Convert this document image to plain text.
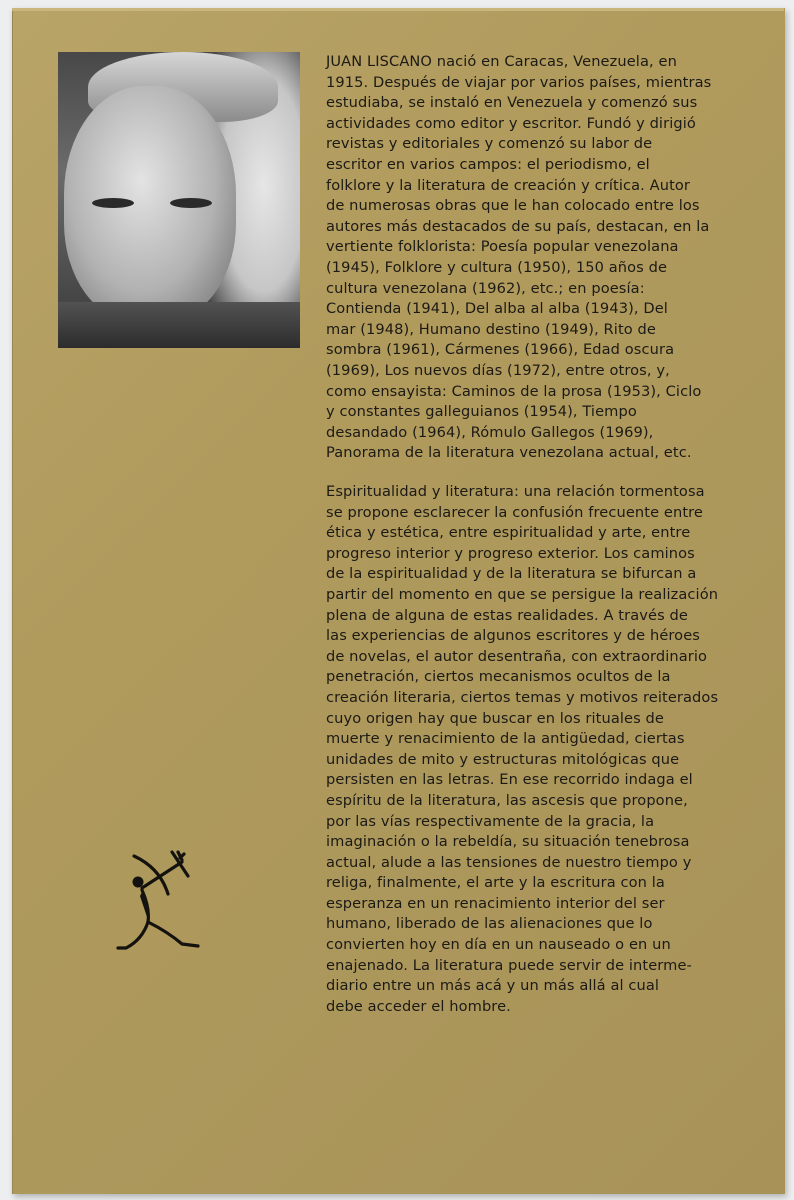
JUAN LISCANO nació en Caracas, Venezuela, en
1915. Después de viajar por varios países, mientras
estudiaba, se instaló en Venezuela y comenzó sus
actividades como editor y escritor. Fundó y dirigió
revistas y editoriales y comenzó su labor de
escritor en varios campos: el periodismo, el
folklore y la literatura de creación y crítica. Autor
de numerosas obras que le han colocado entre los
autores más destacados de su país, destacan, en la
vertiente folklorista: Poesía popular venezolana
(1945), Folklore y cultura (1950), 150 años de
cultura venezolana (1962), etc.; en poesía:
Contienda (1941), Del alba al alba (1943), Del
mar (1948), Humano destino (1949), Rito de
sombra (1961), Cármenes (1966), Edad oscura
(1969), Los nuevos días (1972), entre otros, y,
como ensayista: Caminos de la prosa (1953), Ciclo
y constantes galleguianos (1954), Tiempo
desandado (1964), Rómulo Gallegos (1969),
Panorama de la literatura venezolana actual, etc.

Espiritualidad y literatura: una relación tormentosa
se propone esclarecer la confusión frecuente entre
ética y estética, entre espiritualidad y arte, entre
progreso interior y progreso exterior. Los caminos
de la espiritualidad y de la literatura se bifurcan a
partir del momento en que se persigue la realización
plena de alguna de estas realidades. A través de
las experiencias de algunos escritores y de héroes
de novelas, el autor desentraña, con extraordinario
penetración, ciertos mecanismos ocultos de la
creación literaria, ciertos temas y motivos reiterados
cuyo origen hay que buscar en los rituales de
muerte y renacimiento de la antigüedad, ciertas
unidades de mito y estructuras mitológicas que
persisten en las letras. En ese recorrido indaga el
espíritu de la literatura, las ascesis que propone,
por las vías respectivamente de la gracia, la
imaginación o la rebeldía, su situación tenebrosa
actual, alude a las tensiones de nuestro tiempo y
religa, finalmente, el arte y la escritura con la
esperanza en un renacimiento interior del ser
humano, liberado de las alienaciones que lo
convierten hoy en día en un nauseado o en un
enajenado. La literatura puede servir de interme-
diario entre un más acá y un más allá al cual
debe acceder el hombre.
